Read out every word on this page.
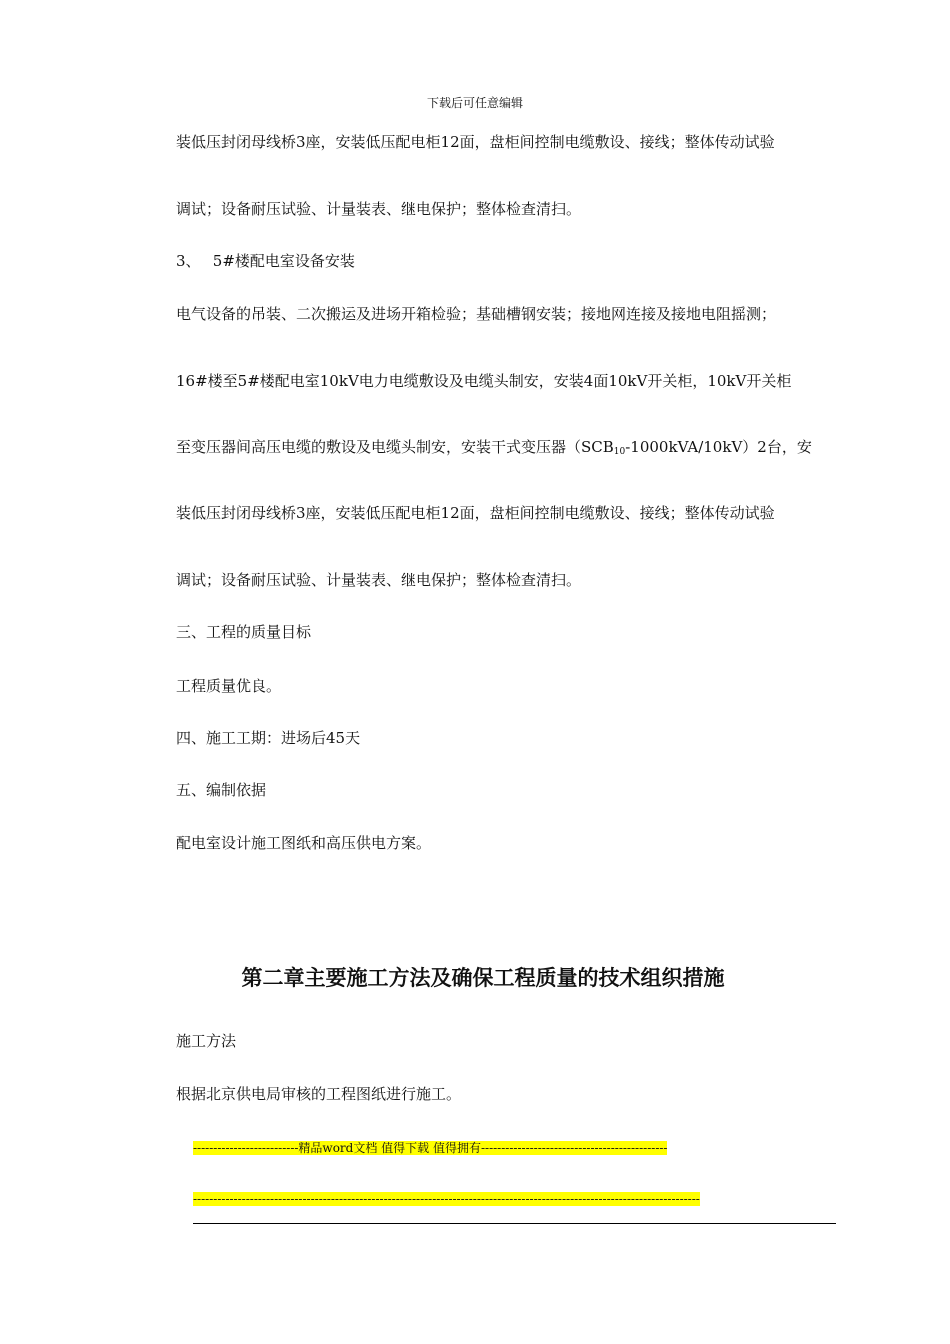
下载后可任意编辑
装低压封闭母线桥3座，安装低压配电柜12面，盘柜间控制电缆敷设、接线；整体传动试验
调试；设备耐压试验、计量装表、继电保护；整体检查清扫。
3、　 5#楼配电室设备安装
电气设备的吊装、二次搬运及进场开箱检验；基础槽钢安装；接地网连接及接地电阻摇测；
16#楼至5#楼配电室10kV电力电缆敷设及电缆头制安，安装4面10kV开关柜，10kV开关柜
至变压器间高压电缆的敷设及电缆头制安，安装干式变压器$(SCB_{10}-1000kVA/10kV)2$台，安
装低压封闭母线桥3座，安装低压配电柜12面，盘柜间控制电缆敷设、接线；整体传动试验
调试；设备耐压试验、计量装表、继电保护；整体检查清扫。
三、工程的质量目标
工程质量优良。
四、施工工期：进场后45天
五、编制依据
配电室设计施工图纸和高压供电方案。
第二章主要施工方法及确保工程质量的技术组织措施
施工方法
根据北京供电局审核的工程图纸进行施工。
--------------------------精品word文档 值得下载 值得拥有----------------------------------------------
-----------------------------------------------------------------------------------------------------------------------------
